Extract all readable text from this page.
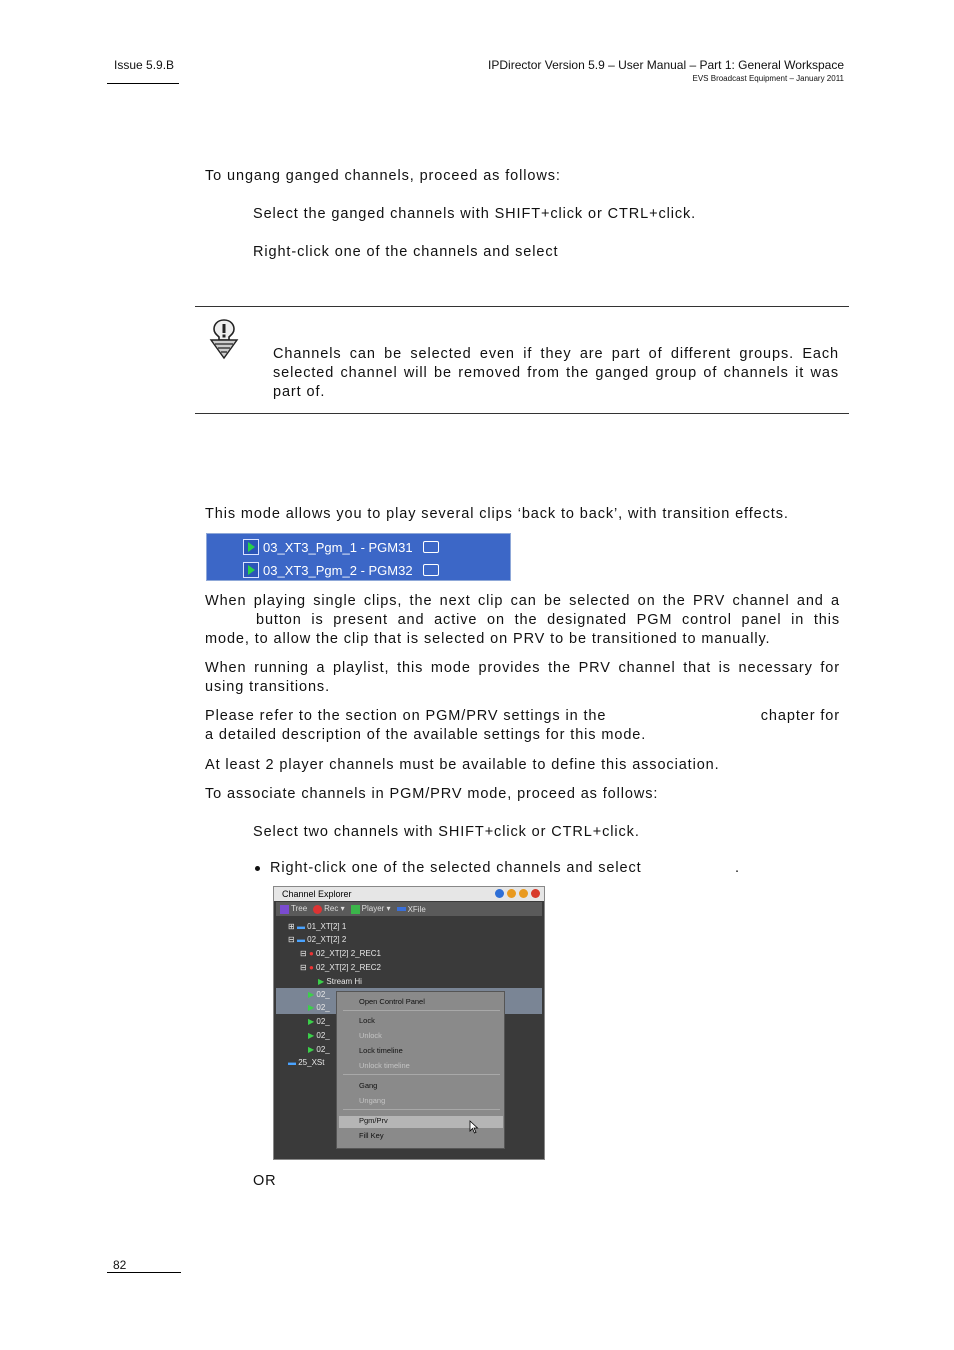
Issue 5.9.B	IPDirector Version 5.9 – User Manual – Part 1: General Workspace
EVS Broadcast Equipment – January 2011
To ungang ganged channels, proceed as follows:
Select the ganged channels with SHIFT+click or CTRL+click.
Right-click one of the channels and select
Channels can be selected even if they are part of different groups. Each selected channel will be removed from the ganged group of channels it was part of.
This mode allows you to play several clips ‘back to back’, with transition effects.
03_XT3_Pgm_1 - PGM31
03_XT3_Pgm_2 - PGM32
When playing single clips, the next clip can be selected on the PRV channel and a
button is present and active on the designated PGM control panel in this
mode, to allow the clip that is selected on PRV to be transitioned to manually.
When running a playlist, this mode provides the PRV channel that is necessary for
using transitions.
Please refer to the section on PGM/PRV settings in the	chapter for
a detailed description of the available settings for this mode.
At least 2 player channels must be available to define this association.
To associate channels in PGM/PRV mode, proceed as follows:
Select two channels with SHIFT+click or CTRL+click.
Right-click one of the selected channels and select	.
Channel Explorer
Tree	Rec ▾	Player ▾	XFile
⊞ ▬ 01_XT[2] 1
⊟ ▬ 02_XT[2] 2
⊟ ● 02_XT[2] 2_REC1
⊟ ● 02_XT[2] 2_REC2
▶ Stream Hi
▶ 02_
▶ 02_
▶ 02_
▶ 02_
▶ 02_
▬ 25_XSt
Open Control Panel
Lock
Unlock
Lock timeline
Unlock timeline
Gang
Ungang
Pgm/Prv
Fill Key
OR
82
